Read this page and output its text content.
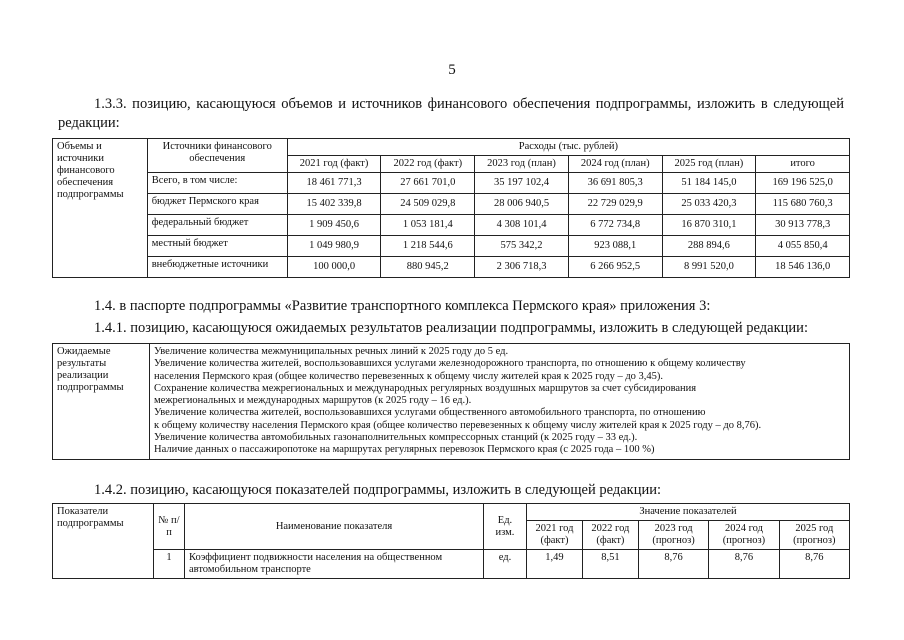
5
1.3.3. позицию, касающуюся объемов и источников финансового обеспечения подпрограммы, изложить в следующей редакции:
Объемы и источники финансового обеспечения подпрограммы	Источники финансового обеспечения	Расходы (тыс. рублей)					
		2021 год (факт)	2022 год (факт)	2023 год (план)	2024 год (план)	2025 год (план)	итого
	Всего, в том числе:	18 461 771,3	27 661 701,0	35 197 102,4	36 691 805,3	51 184 145,0	169 196 525,0
	бюджет Пермского края	15 402 339,8	24 509 029,8	28 006 940,5	22 729 029,9	25 033 420,3	115 680 760,3
	федеральный бюджет	1 909 450,6	1 053 181,4	4 308 101,4	6 772 734,8	16 870 310,1	30 913 778,3
	местный бюджет	1 049 980,9	1 218 544,6	575 342,2	923 088,1	288 894,6	4 055 850,4
	внебюджетные источники	100 000,0	880 945,2	2 306 718,3	6 266 952,5	8 991 520,0	18 546 136,0
1.4. в паспорте подпрограммы «Развитие транспортного комплекса Пермского края» приложения 3:
1.4.1. позицию, касающуюся ожидаемых результатов реализации подпрограммы, изложить в следующей редакции:
Ожидаемые результаты реализации подпрограммы	
Увеличение количества межмуниципальных речных линий к 2025 году до 5 ед.
Увеличение количества жителей, воспользовавшихся услугами железнодорожного транспорта, по отношению к общему количеству
населения Пермского края (общее количество перевезенных к общему числу жителей края к 2025 году – до 3,45).
Сохранение количества межрегиональных и международных регулярных воздушных маршрутов за счет субсидирования
межрегиональных и международных маршрутов (к 2025 году – 16 ед.).
Увеличение количества жителей, воспользовавшихся услугами общественного автомобильного транспорта, по отношению
к общему количеству населения Пермского края (общее количество перевезенных к общему числу жителей края к 2025 году – до 8,76).
Увеличение количества автомобильных газонаполнительных компрессорных станций (к 2025 году – 33 ед.).
Наличие данных о пассажиропотоке на маршрутах регулярных перевозок Пермского края (с 2025 года – 100 %)
1.4.2. позицию, касающуюся показателей подпрограммы, изложить в следующей редакции:
Показатели подпрограммы	№ п/п	Наименование показателя	Ед. изм.	Значение показателей				
				2021 год (факт)	2022 год (факт)	2023 год (прогноз)	2024 год (прогноз)	2025 год (прогноз)
	1	Коэффициент подвижности населения на общественном автомобильном транспорте	ед.	1,49	8,51	8,76	8,76	8,76
